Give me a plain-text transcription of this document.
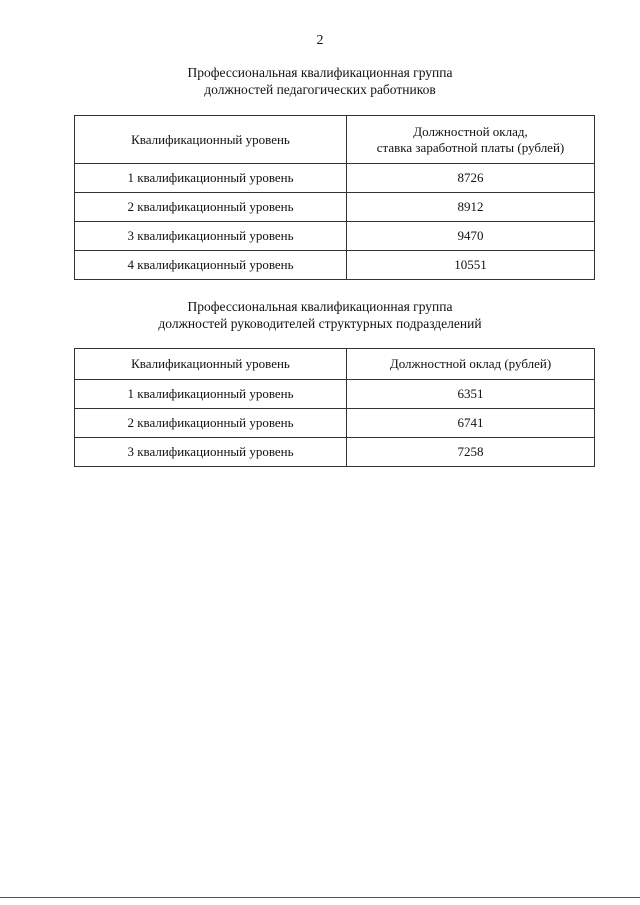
2
Профессиональная квалификационная группа
должностей педагогических работников
Квалификационный уровень	Должностной оклад,
ставка заработной платы (рублей)

1 квалификационный уровень	8726
2 квалификационный уровень	8912
3 квалификационный уровень	9470
4 квалификационный уровень	10551
Профессиональная квалификационная группа
должностей руководителей структурных подразделений
Квалификационный уровень	Должностной оклад (рублей)
1 квалификационный уровень	6351
2 квалификационный уровень	6741
3 квалификационный уровень	7258
